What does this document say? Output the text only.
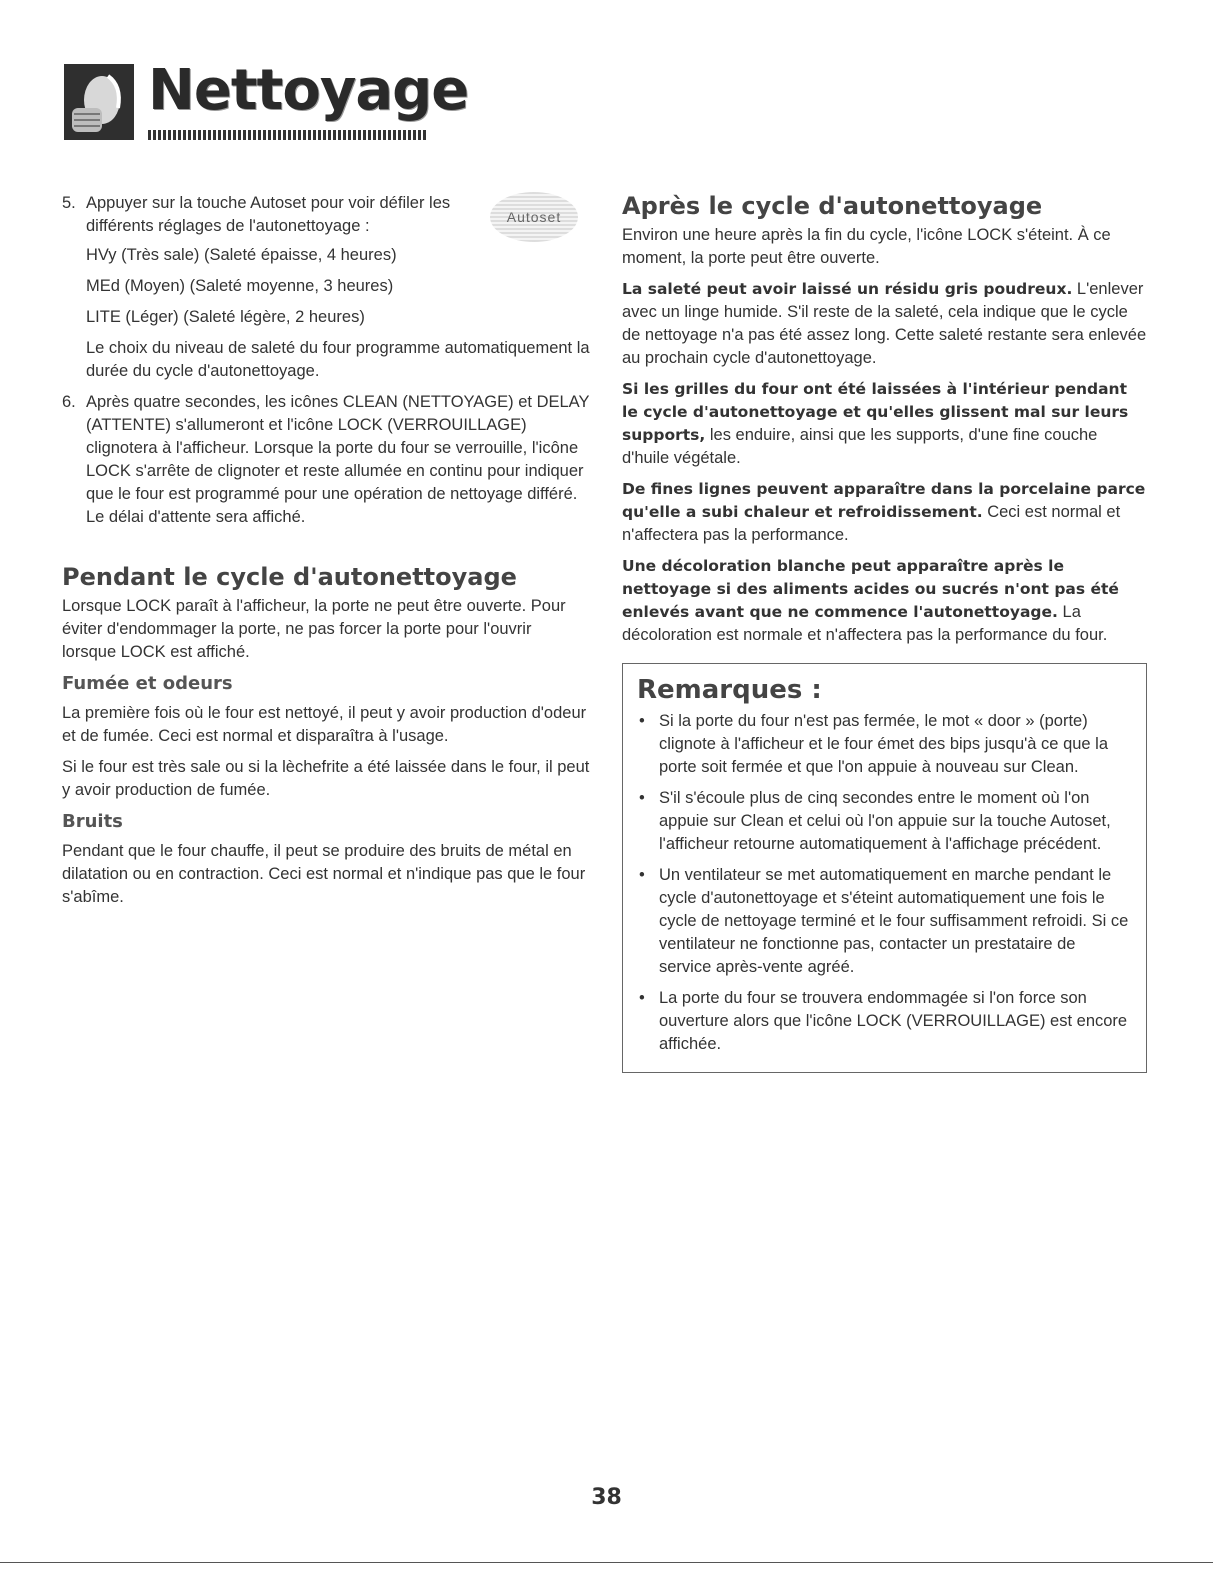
Nettoyage
5. Appuyer sur la touche Autoset pour voir défiler les différents réglages de l'autonettoyage :	Autoset

HVy (Très sale) (Saleté épaisse, 4 heures)

MEd (Moyen) (Saleté moyenne, 3 heures)

LITE (Léger) (Saleté légère, 2 heures)

Le choix du niveau de saleté du four programme automatiquement la durée du cycle d'autonettoyage.

6. Après quatre secondes, les icônes CLEAN (NETTOYAGE) et DELAY (ATTENTE) s'allumeront et l'icône LOCK (VERROUILLAGE) clignotera à l'afficheur. Lorsque la porte du four se verrouille, l'icône LOCK s'arrête de clignoter et reste allumée en continu pour indiquer que le four est programmé pour une opération de nettoyage différé. Le délai d'attente sera affiché.
Pendant le cycle d'autonettoyage

Lorsque LOCK paraît à l'afficheur, la porte ne peut être ouverte. Pour éviter d'endommager la porte, ne pas forcer la porte pour l'ouvrir lorsque LOCK est affiché.

Fumée et odeurs

La première fois où le four est nettoyé, il peut y avoir production d'odeur et de fumée. Ceci est normal et disparaîtra à l'usage.

Si le four est très sale ou si la lèchefrite a été laissée dans le four, il peut y avoir production de fumée.

Bruits

Pendant que le four chauffe, il peut se produire des bruits de métal en dilatation ou en contraction. Ceci est normal et n'indique pas que le four s'abîme.

Après le cycle d'autonettoyage

Environ une heure après la fin du cycle, l'icône LOCK s'éteint. À ce moment, la porte peut être ouverte.

La saleté peut avoir laissé un résidu gris poudreux. L'enlever avec un linge humide. S'il reste de la saleté, cela indique que le cycle de nettoyage n'a pas été assez long. Cette saleté restante sera enlevée au prochain cycle d'autonettoyage.

Si les grilles du four ont été laissées à l'intérieur pendant le cycle d'autonettoyage et qu'elles glissent mal sur leurs supports, les enduire, ainsi que les supports, d'une fine couche d'huile végétale.

De fines lignes peuvent apparaître dans la porcelaine parce qu'elle a subi chaleur et refroidissement. Ceci est normal et n'affectera pas la performance.

Une décoloration blanche peut apparaître après le nettoyage si des aliments acides ou sucrés n'ont pas été enlevés avant que ne commence l'autonettoyage. La décoloration est normale et n'affectera pas la performance du four.

Remarques :
• Si la porte du four n'est pas fermée, le mot « door » (porte) clignote à l'afficheur et le four émet des bips jusqu'à ce que la porte soit fermée et que l'on appuie à nouveau sur Clean.
• S'il s'écoule plus de cinq secondes entre le moment où l'on appuie sur Clean et celui où l'on appuie sur la touche Autoset, l'afficheur retourne automatiquement à l'affichage précédent.
• Un ventilateur se met automatiquement en marche pendant le cycle d'autonettoyage et s'éteint automatiquement une fois le cycle de nettoyage terminé et le four suffisamment refroidi. Si ce ventilateur ne fonctionne pas, contacter un prestataire de service après-vente agréé.
• La porte du four se trouvera endommagée si l'on force son ouverture alors que l'icône LOCK (VERROUILLAGE) est encore affichée.
38
